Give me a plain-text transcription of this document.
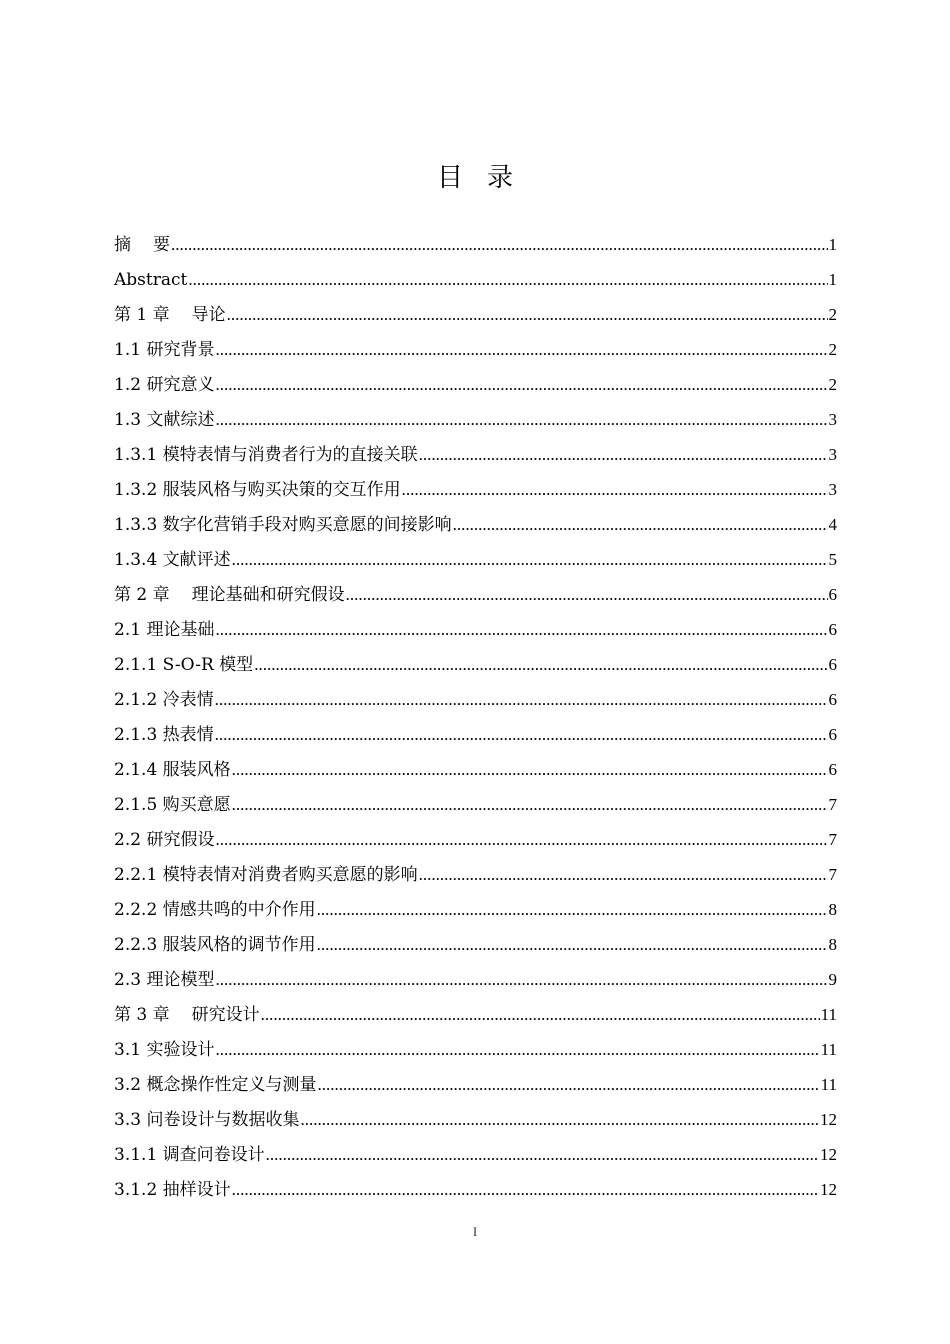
目 录
摘 要 .....	1
Abstract .....	1
第 1 章 导论 .....	2
1.1 研究背景 .....	2
1.2 研究意义 .....	2
1.3 文献综述 .....	3
1.3.1 模特表情与消费者行为的直接关联 .....	3
1.3.2 服装风格与购买决策的交互作用 .....	3
1.3.3 数字化营销手段对购买意愿的间接影响 .....	4
1.3.4 文献评述 .....	5
第 2 章 理论基础和研究假设 .....	6
2.1 理论基础 .....	6
2.1.1 S-O-R 模型 .....	6
2.1.2 冷表情 .....	6
2.1.3 热表情 .....	6
2.1.4 服装风格 .....	6
2.1.5 购买意愿 .....	7
2.2 研究假设 .....	7
2.2.1 模特表情对消费者购买意愿的影响 .....	7
2.2.2 情感共鸣的中介作用 .....	8
2.2.3 服装风格的调节作用 .....	8
2.3 理论模型 .....	9
第 3 章 研究设计 .....	11
3.1 实验设计 .....	11
3.2 概念操作性定义与测量 .....	11
3.3 问卷设计与数据收集 .....	12
3.1.1 调查问卷设计 .....	12
3.1.2 抽样设计 .....	12
I
